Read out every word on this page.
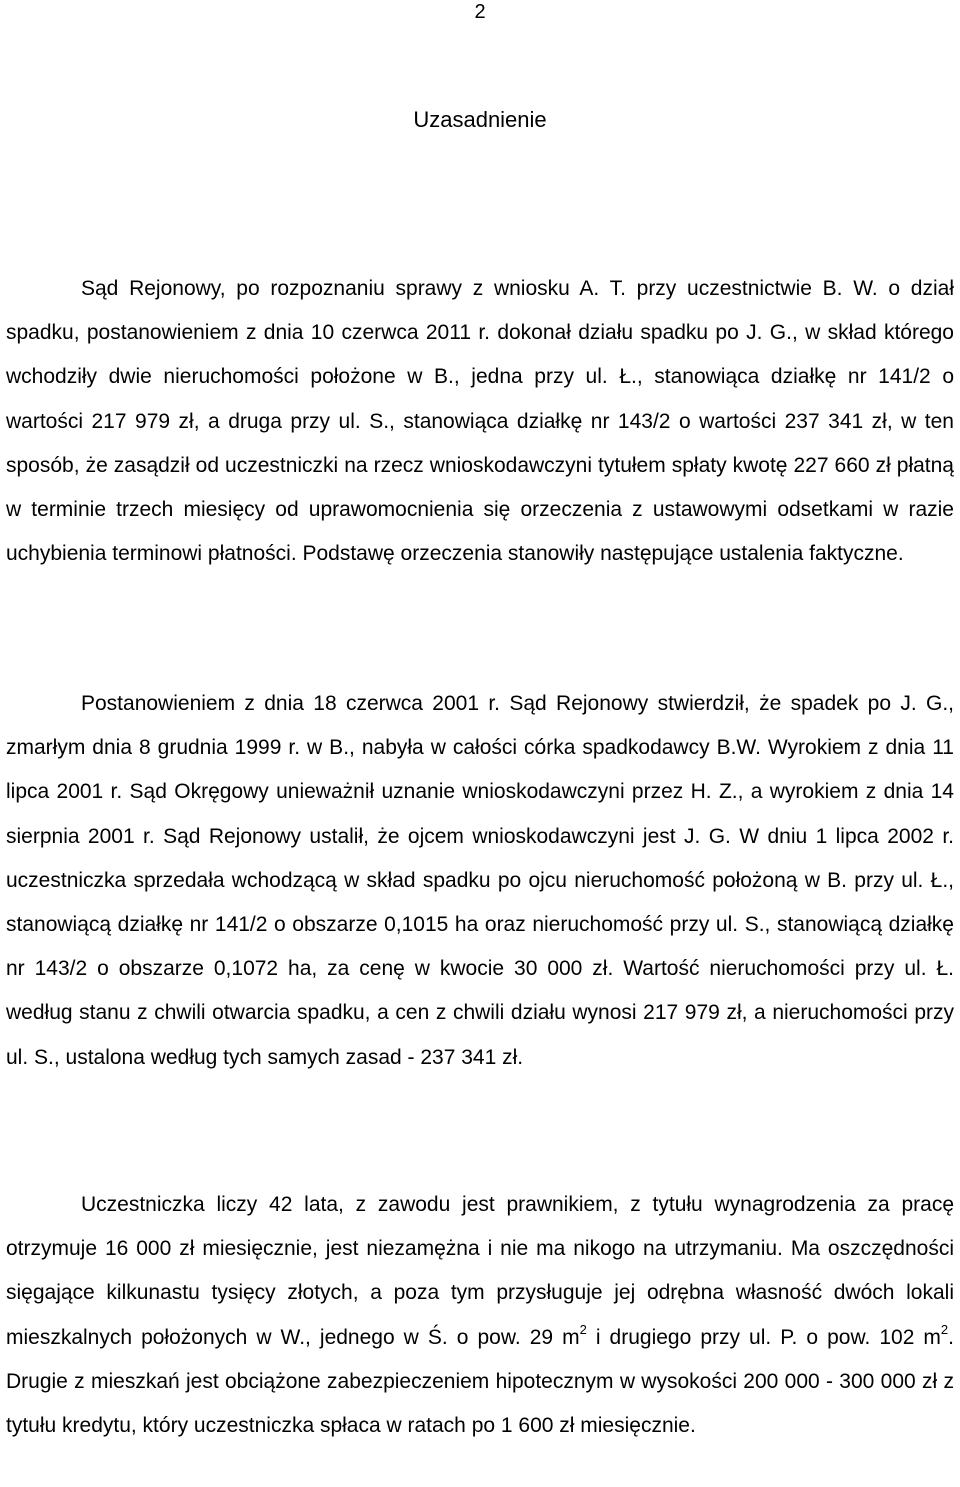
2
Uzasadnienie

Sąd Rejonowy, po rozpoznaniu sprawy z wniosku A. T. przy uczestnictwie B. W. o dział spadku, postanowieniem z dnia 10 czerwca 2011 r. dokonał działu spadku po J. G., w skład którego wchodziły dwie nieruchomości położone w B., jedna przy ul. Ł., stanowiąca działkę nr 141/2 o wartości 217 979 zł, a druga przy ul. S., stanowiąca działkę nr 143/2 o wartości 237 341 zł, w ten sposób, że zasądził od uczestniczki na rzecz wnioskodawczyni tytułem spłaty kwotę 227 660 zł płatną w terminie trzech miesięcy od uprawomocnienia się orzeczenia z ustawowymi odsetkami w razie uchybienia terminowi płatności. Podstawę orzeczenia stanowiły następujące ustalenia faktyczne.

Postanowieniem z dnia 18 czerwca 2001 r. Sąd Rejonowy stwierdził, że spadek po J. G., zmarłym dnia 8 grudnia 1999 r. w B., nabyła w całości córka spadkodawcy B.W. Wyrokiem z dnia 11 lipca 2001 r. Sąd Okręgowy unieważnił uznanie wnioskodawczyni przez H. Z., a wyrokiem z dnia 14 sierpnia 2001 r. Sąd Rejonowy ustalił, że ojcem wnioskodawczyni jest J. G. W dniu 1 lipca 2002 r. uczestniczka sprzedała wchodzącą w skład spadku po ojcu nieruchomość położoną w B. przy ul. Ł., stanowiącą działkę nr 141/2 o obszarze 0,1015 ha oraz nieruchomość przy ul. S., stanowiącą działkę nr 143/2 o obszarze 0,1072 ha, za cenę w kwocie 30 000 zł. Wartość nieruchomości przy ul. Ł. według stanu z chwili otwarcia spadku, a cen z chwili działu wynosi 217 979 zł, a nieruchomości przy ul. S., ustalona według tych samych zasad - 237 341 zł.

Uczestniczka liczy 42 lata, z zawodu jest prawnikiem, z tytułu wynagrodzenia za pracę otrzymuje 16 000 zł miesięcznie, jest niezamężna i nie ma nikogo na utrzymaniu. Ma oszczędności sięgające kilkunastu tysięcy złotych, a poza tym przysługuje jej odrębna własność dwóch lokali mieszkalnych położonych w W., jednego w Ś. o pow. 29 $m^2$ i drugiego przy ul. P. o pow. 102 $m^2$. Drugie z mieszkań jest obciążone zabezpieczeniem hipotecznym w wysokości 200 000 - 300 000 zł z tytułu kredytu, który uczestniczka spłaca w ratach po 1 600 zł miesięcznie.
